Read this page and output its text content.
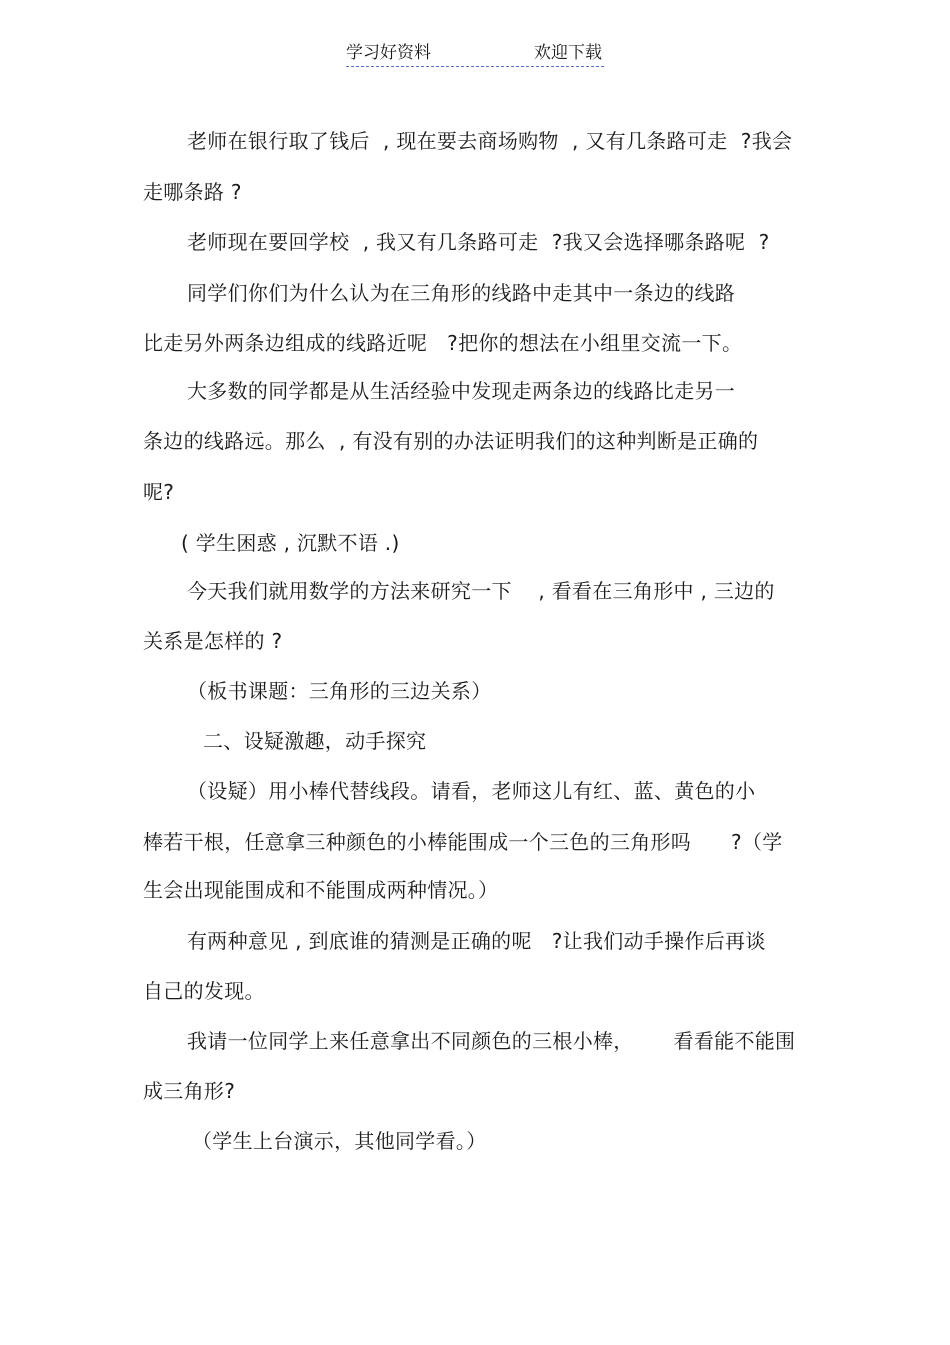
学习好资料	欢迎下载
老师在银行取了钱后  , 现在要去商场购物  , 又有几条路可走  ?我会
走哪条路 ?
老师现在要回学校  , 我又有几条路可走  ?我又会选择哪条路呢  ?
同学们你们为什么认为在三角形的线路中走其中一条边的线路
比走另外两条边组成的线路近呢   ?把你的想法在小组里交流一下。
大多数的同学都是从生活经验中发现走两条边的线路比走另一
条边的线路远。那么  , 有没有别的办法证明我们的这种判断是正确的
呢?
( 学生困惑 , 沉默不语 .)
今天我们就用数学的方法来研究一下    , 看看在三角形中 , 三边的
关系是怎样的 ?
（板书课题：三角形的三边关系）
二、设疑激趣，动手探究
（设疑）用小棒代替线段。请看，老师这儿有红、蓝、黄色的小
棒若干根，任意拿三种颜色的小棒能围成一个三色的三角形吗      ?（学
生会出现能围成和不能围成两种情况。）
有两种意见 , 到底谁的猜测是正确的呢   ?让我们动手操作后再谈
自己的发现。
我请一位同学上来任意拿出不同颜色的三根小棒，      看看能不能围
成三角形?
（学生上台演示，其他同学看。）
